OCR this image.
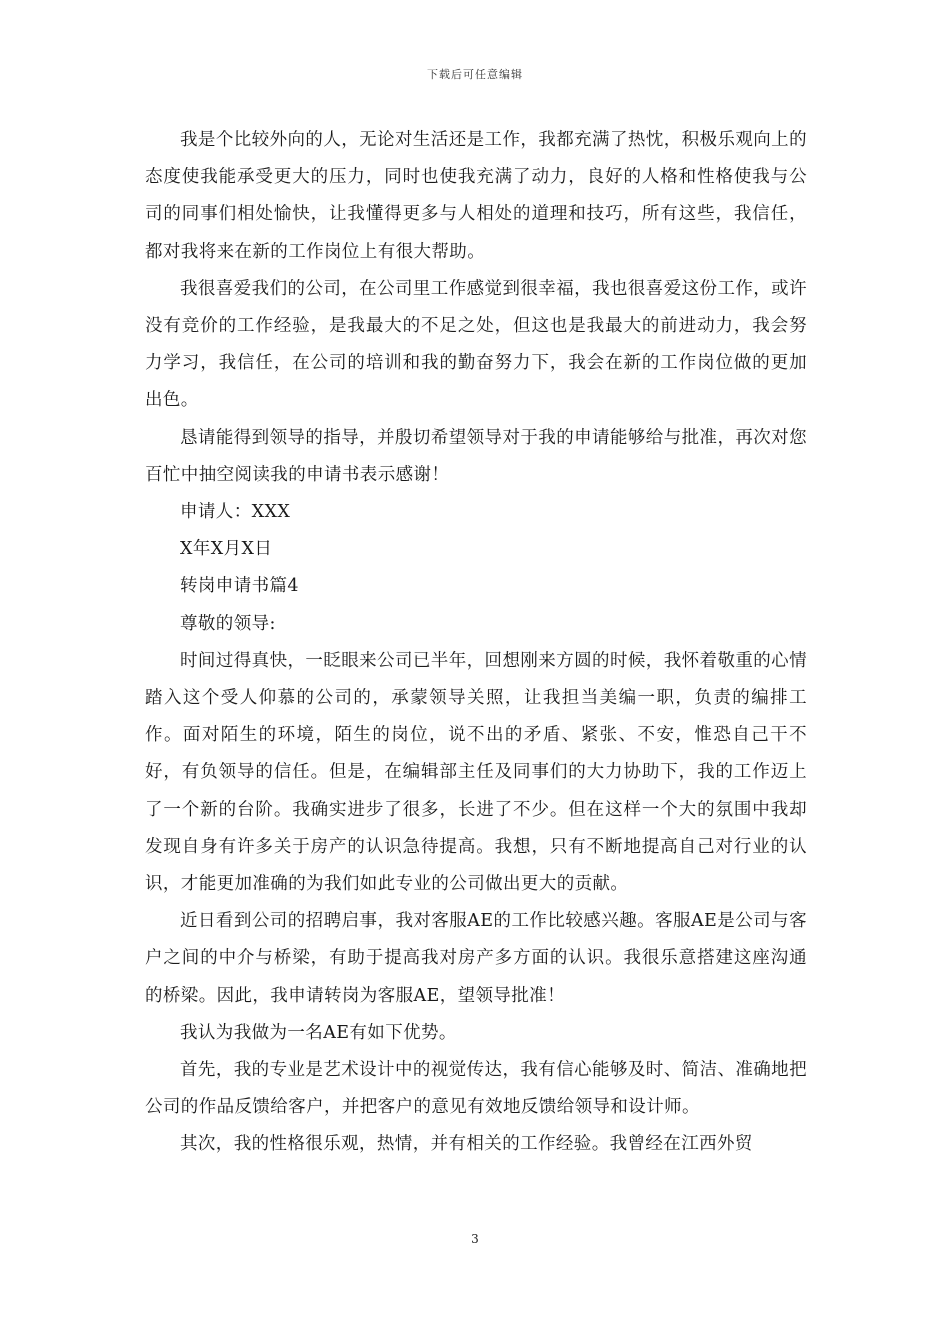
下载后可任意编辑

我是个比较外向的人，无论对生活还是工作，我都充满了热忱，积极乐观向上的态度使我能承受更大的压力，同时也使我充满了动力，良好的人格和性格使我与公司的同事们相处愉快，让我懂得更多与人相处的道理和技巧，所有这些，我信任，都对我将来在新的工作岗位上有很大帮助。

我很喜爱我们的公司，在公司里工作感觉到很幸福，我也很喜爱这份工作，或许没有竞价的工作经验，是我最大的不足之处，但这也是我最大的前进动力，我会努力学习，我信任，在公司的培训和我的勤奋努力下，我会在新的工作岗位做的更加出色。

恳请能得到领导的指导，并殷切希望领导对于我的申请能够给与批准，再次对您百忙中抽空阅读我的申请书表示感谢！

申请人：XXX

X年X月X日

转岗申请书篇4

尊敬的领导:

时间过得真快，一眨眼来公司已半年，回想刚来方圆的时候，我怀着敬重的心情踏入这个受人仰慕的公司的，承蒙领导关照，让我担当美编一职，负责的编排工作。面对陌生的环境，陌生的岗位，说不出的矛盾、紧张、不安，惟恐自己干不好，有负领导的信任。但是，在编辑部主任及同事们的大力协助下，我的工作迈上了一个新的台阶。我确实进步了很多，长进了不少。但在这样一个大的氛围中我却发现自身有许多关于房产的认识急待提高。我想，只有不断地提高自己对行业的认识，才能更加准确的为我们如此专业的公司做出更大的贡献。

近日看到公司的招聘启事，我对客服AE的工作比较感兴趣。客服AE是公司与客户之间的中介与桥梁，有助于提高我对房产多方面的认识。我很乐意搭建这座沟通的桥梁。因此，我申请转岗为客服AE，望领导批准！

我认为我做为一名AE有如下优势。

首先，我的专业是艺术设计中的视觉传达，我有信心能够及时、简洁、准确地把公司的作品反馈给客户，并把客户的意见有效地反馈给领导和设计师。

其次，我的性格很乐观，热情，并有相关的工作经验。我曾经在江西外贸

3
